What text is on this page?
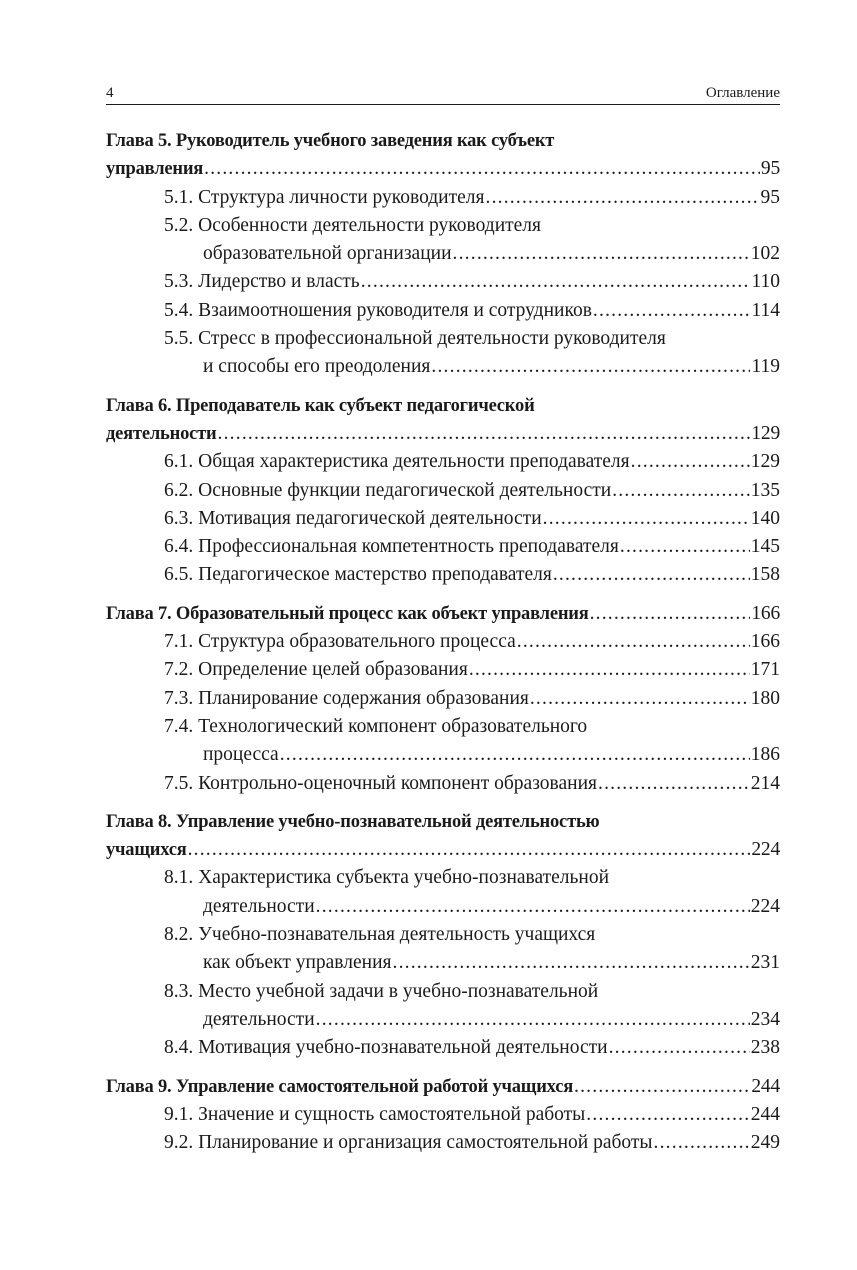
4	Оглавление
Глава 5. Руководитель учебного заведения как субъект
управления .....	95
5.1. Структура личности руководителя .....	95
5.2. Особенности деятельности руководителя
образовательной организации .....	102
5.3. Лидерство и власть .....	110
5.4. Взаимоотношения руководителя и сотрудников .....	114
5.5. Стресс в профессиональной деятельности руководителя
и способы его преодоления .....	119
Глава 6. Преподаватель как субъект педагогической
деятельности .....	129
6.1. Общая характеристика деятельности преподавателя .....	129
6.2. Основные функции педагогической деятельности .....	135
6.3. Мотивация педагогической деятельности .....	140
6.4. Профессиональная компетентность преподавателя .....	145
6.5. Педагогическое мастерство преподавателя .....	158
Глава 7. Образовательный процесс как объект управления .....	166
7.1. Структура образовательного процесса .....	166
7.2. Определение целей образования .....	171
7.3. Планирование содержания образования .....	180
7.4. Технологический компонент образовательного
процесса .....	186
7.5. Контрольно-оценочный компонент образования .....	214
Глава 8. Управление учебно-познавательной деятельностью
учащихся .....	224
8.1. Характеристика субъекта учебно-познавательной
деятельности .....	224
8.2. Учебно-познавательная деятельность учащихся
как объект управления .....	231
8.3. Место учебной задачи в учебно-познавательной
деятельности .....	234
8.4. Мотивация учебно-познавательной деятельности .....	238
Глава 9. Управление самостоятельной работой учащихся .....	244
9.1. Значение и сущность самостоятельной работы .....	244
9.2. Планирование и организация самостоятельной работы .....	249
